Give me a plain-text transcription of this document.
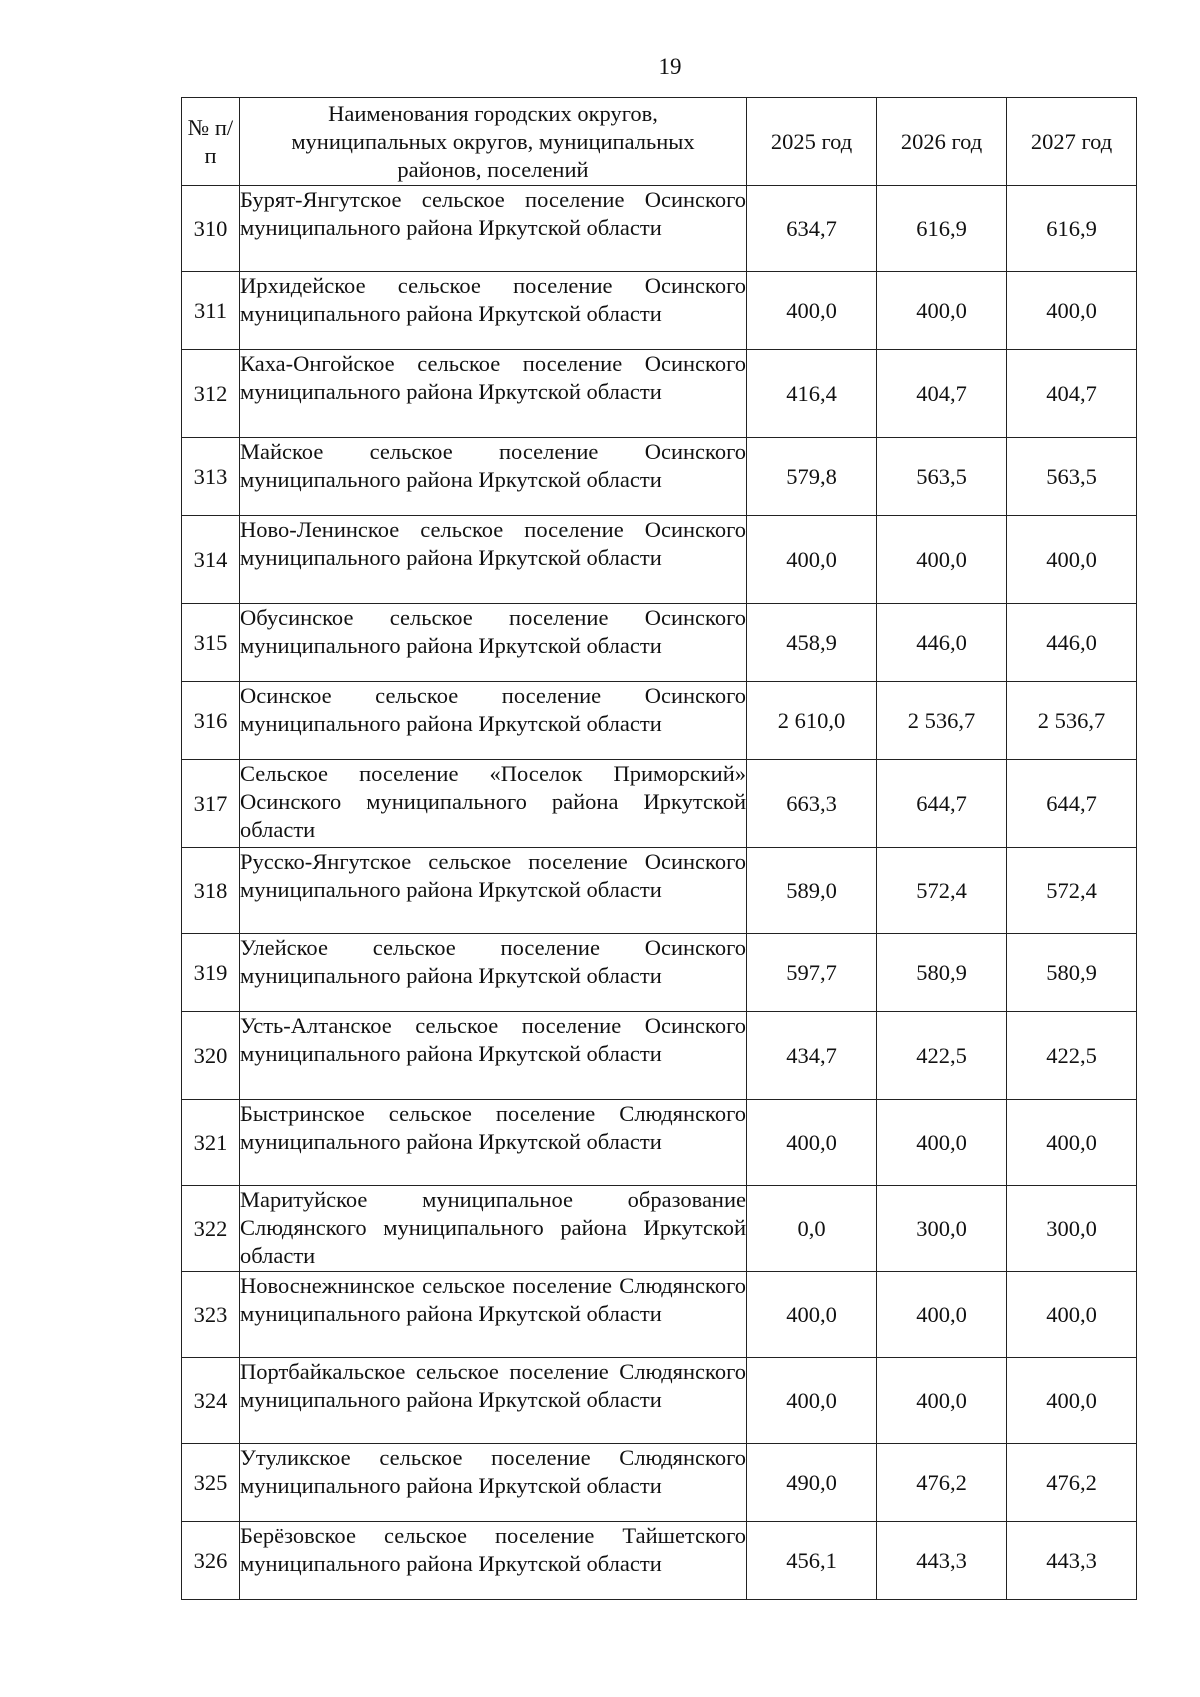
19
№ п/п	Наименования городских округов, муниципальных округов, муниципальных районов, поселений	2025 год	2026 год	2027 год
310	Бурят-Янгутское сельское поселение Осинского муниципального района Иркутской области	634,7	616,9	616,9
311	Ирхидейское сельское поселение Осинского муниципального района Иркутской области	400,0	400,0	400,0
312	Каха-Онгойское сельское поселение Осинского муниципального района Иркутской области	416,4	404,7	404,7
313	Майское сельское поселение Осинского муниципального района Иркутской области	579,8	563,5	563,5
314	Ново-Ленинское сельское поселение Осинского муниципального района Иркутской области	400,0	400,0	400,0
315	Обусинское сельское поселение Осинского муниципального района Иркутской области	458,9	446,0	446,0
316	Осинское сельское поселение Осинского муниципального района Иркутской области	2 610,0	2 536,7	2 536,7
317	Сельское поселение «Поселок Приморский» Осинского муниципального района Иркутской области	663,3	644,7	644,7
318	Русско-Янгутское сельское поселение Осинского муниципального района Иркутской области	589,0	572,4	572,4
319	Улейское сельское поселение Осинского муниципального района Иркутской области	597,7	580,9	580,9
320	Усть-Алтанское сельское поселение Осинского муниципального района Иркутской области	434,7	422,5	422,5
321	Быстринское сельское поселение Слюдянского муниципального района Иркутской области	400,0	400,0	400,0
322	Маритуйское муниципальное образование Слюдянского муниципального района Иркутской области	0,0	300,0	300,0
323	Новоснежнинское сельское поселение Слюдянского муниципального района Иркутской области	400,0	400,0	400,0
324	Портбайкальское сельское поселение Слюдянского муниципального района Иркутской области	400,0	400,0	400,0
325	Утуликское сельское поселение Слюдянского муниципального района Иркутской области	490,0	476,2	476,2
326	Берёзовское сельское поселение Тайшетского муниципального района Иркутской области	456,1	443,3	443,3
